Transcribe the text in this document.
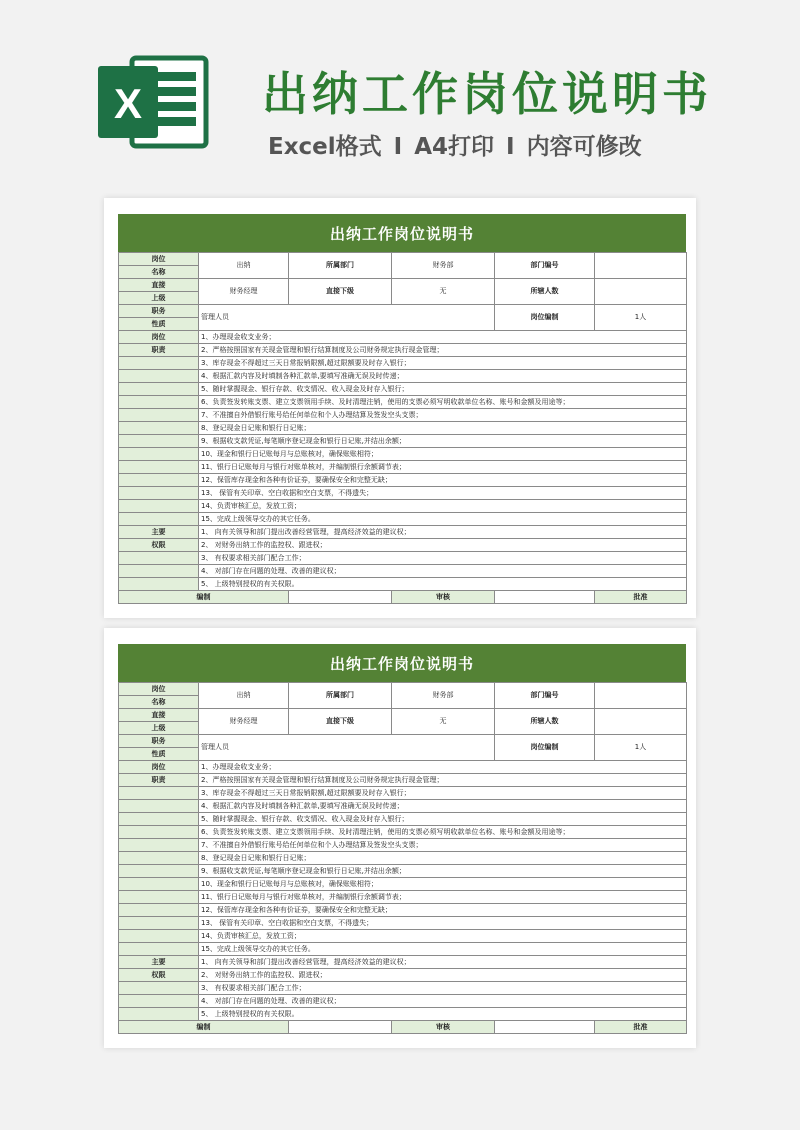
X	出纳工作岗位说明书
Excel格式 I A4打印 I 内容可修改
出纳工作岗位说明书
岗位	出纳	所属部门	财务部	部门编号	
名称					
直接	财务经理	直接下级	无	所辖人数	
上级					
职务	管理人员			岗位编制	1人
性质					
岗位	1、办理现金收支业务；				
职责	2、严格按照国家有关现金管理和银行结算制度及公司财务规定执行现金管理；				
	3、库存现金不得超过三天日常报销限额,超过限额要及时存入银行；				
	4、根据汇款内容及时填制各种汇款单,要填写准确无误及时传递；				
	5、随时掌握现金、银行存款、收支情况、收入现金及时存入银行；				
	6、负责签发转账支票、建立支票领用手续、及时清理注销，使用的支票必须写明收款单位名称、账号和金额及用途等；				
	7、不准擅自外借银行账号给任何单位和个人办理结算及签发空头支票；				
	8、登记现金日记账和银行日记账；				
	9、根据收支款凭证,每笔顺序登记现金和银行日记账,并结出余额；				
	10、现金和银行日记账每月与总账核对，确保账账相符；				
	11、银行日记账每月与银行对账单核对，并编制银行余额调节表；				
	12、保管库存现金和各种有价证券，要确保安全和完整无缺；				
	13、 保管有关印章、空白收据和空白支票，不得遗失；				
	14、负责审核汇总，发放工资；				
	15、完成上级领导交办的其它任务。				
主要	1、 向有关领导和部门提出改善经营管理，提高经济效益的建议权；				
权限	2、 对财务出纳工作的监控权、跟进权；				
	3、 有权要求相关部门配合工作；				
	4、 对部门存在问题的处理、改善的建议权；				
	5、 上级特别授权的有关权限。				
编制			审核		批准
出纳工作岗位说明书
岗位	出纳	所属部门	财务部	部门编号	
名称					
直接	财务经理	直接下级	无	所辖人数	
上级					
职务	管理人员			岗位编制	1人
性质					
岗位	1、办理现金收支业务；				
职责	2、严格按照国家有关现金管理和银行结算制度及公司财务规定执行现金管理；				
	3、库存现金不得超过三天日常报销限额,超过限额要及时存入银行；				
	4、根据汇款内容及时填制各种汇款单,要填写准确无误及时传递；				
	5、随时掌握现金、银行存款、收支情况、收入现金及时存入银行；				
	6、负责签发转账支票、建立支票领用手续、及时清理注销，使用的支票必须写明收款单位名称、账号和金额及用途等；				
	7、不准擅自外借银行账号给任何单位和个人办理结算及签发空头支票；				
	8、登记现金日记账和银行日记账；				
	9、根据收支款凭证,每笔顺序登记现金和银行日记账,并结出余额；				
	10、现金和银行日记账每月与总账核对，确保账账相符；				
	11、银行日记账每月与银行对账单核对，并编制银行余额调节表；				
	12、保管库存现金和各种有价证券，要确保安全和完整无缺；				
	13、 保管有关印章、空白收据和空白支票，不得遗失；				
	14、负责审核汇总，发放工资；				
	15、完成上级领导交办的其它任务。				
主要	1、 向有关领导和部门提出改善经营管理，提高经济效益的建议权；				
权限	2、 对财务出纳工作的监控权、跟进权；				
	3、 有权要求相关部门配合工作；				
	4、 对部门存在问题的处理、改善的建议权；				
	5、 上级特别授权的有关权限。				
编制			审核		批准
